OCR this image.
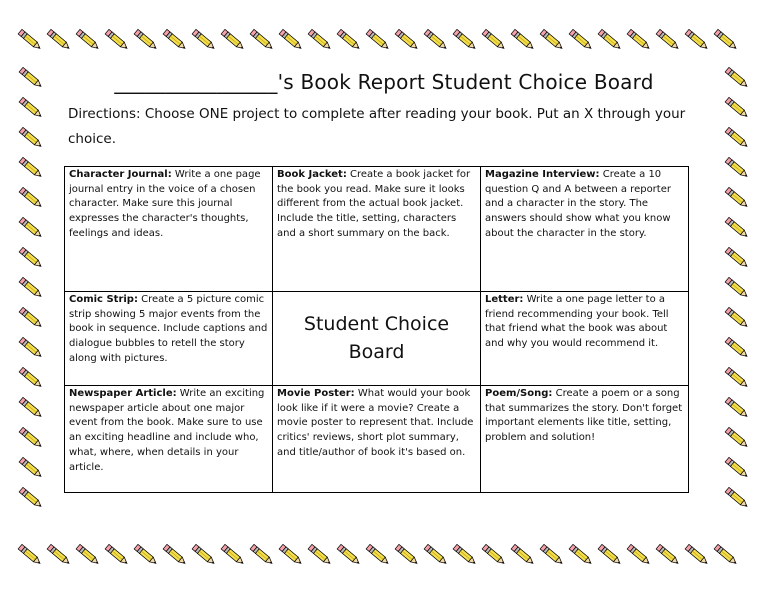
________________'s Book Report Student Choice Board
Directions: Choose ONE project to complete after reading your book. Put an X through your choice.
Character Journal: Write a one page journal entry in the voice of a chosen character. Make sure this journal expresses the character's thoughts, feelings and ideas.	Book Jacket: Create a book jacket for the book you read. Make sure it looks different from the actual book jacket. Include the title, setting, characters and a short summary on the back.	Magazine Interview: Create a 10 question Q and A between a reporter and a character in the story. The answers should show what you know about the character in the story.
Comic Strip: Create a 5 picture comic strip showing 5 major events from the book in sequence. Include captions and dialogue bubbles to retell the story along with pictures.	Student Choice Board	Letter: Write a one page letter to a friend recommending your book. Tell that friend what the book was about and why you would recommend it.
Newspaper Article: Write an exciting newspaper article about one major event from the book. Make sure to use an exciting headline and include who, what, where, when details in your article.	Movie Poster: What would your book look like if it were a movie? Create a movie poster to represent that. Include critics' reviews, short plot summary, and title/author of book it's based on.	Poem/Song: Create a poem or a song that summarizes the story. Don't forget important elements like title, setting, problem and solution!
